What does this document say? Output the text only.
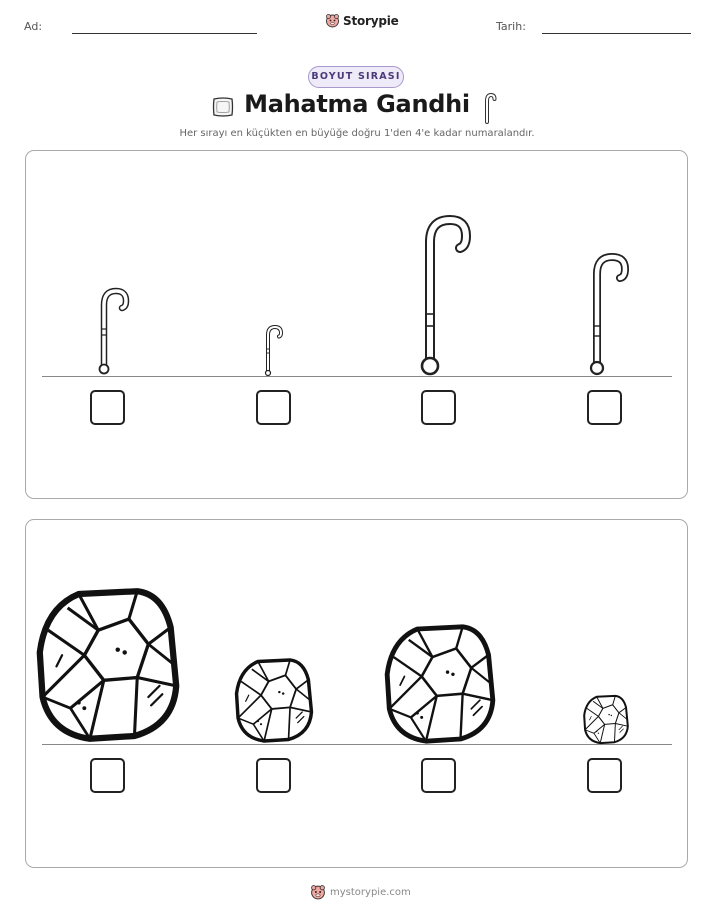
Ad:	Storypie	Tarih:
BOYUT SIRASI
Mahatma Gandhi
Her sırayı en küçükten en büyüğe doğru 1'den 4'e kadar numaralandır.
mystorypie.com
